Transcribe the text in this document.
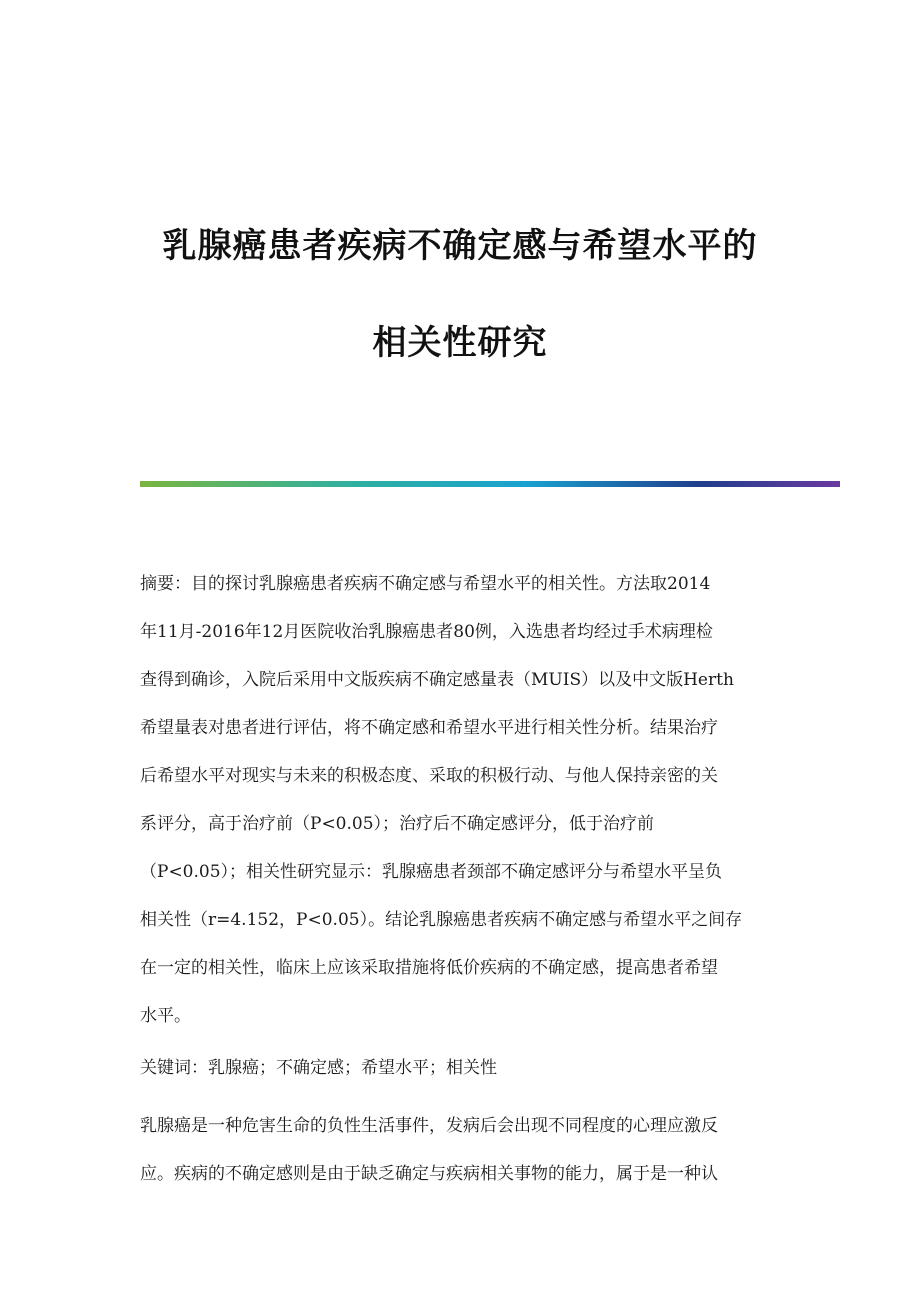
乳腺癌患者疾病不确定感与希望水平的
相关性研究
摘要：目的探讨乳腺癌患者疾病不确定感与希望水平的相关性。方法取2014
年11月-2016年12月医院收治乳腺癌患者80例，入选患者均经过手术病理检
查得到确诊，入院后采用中文版疾病不确定感量表（MUIS）以及中文版Herth
希望量表对患者进行评估，将不确定感和希望水平进行相关性分析。结果治疗
后希望水平对现实与未来的积极态度、采取的积极行动、与他人保持亲密的关
系评分，高于治疗前（P<0.05）；治疗后不确定感评分，低于治疗前
（P<0.05）；相关性研究显示：乳腺癌患者颈部不确定感评分与希望水平呈负
相关性（r=4.152，P<0.05）。结论乳腺癌患者疾病不确定感与希望水平之间存
在一定的相关性，临床上应该采取措施将低价疾病的不确定感，提高患者希望
水平。
关键词：乳腺癌；不确定感；希望水平；相关性
乳腺癌是一种危害生命的负性生活事件，发病后会出现不同程度的心理应激反
应。疾病的不确定感则是由于缺乏确定与疾病相关事物的能力，属于是一种认
